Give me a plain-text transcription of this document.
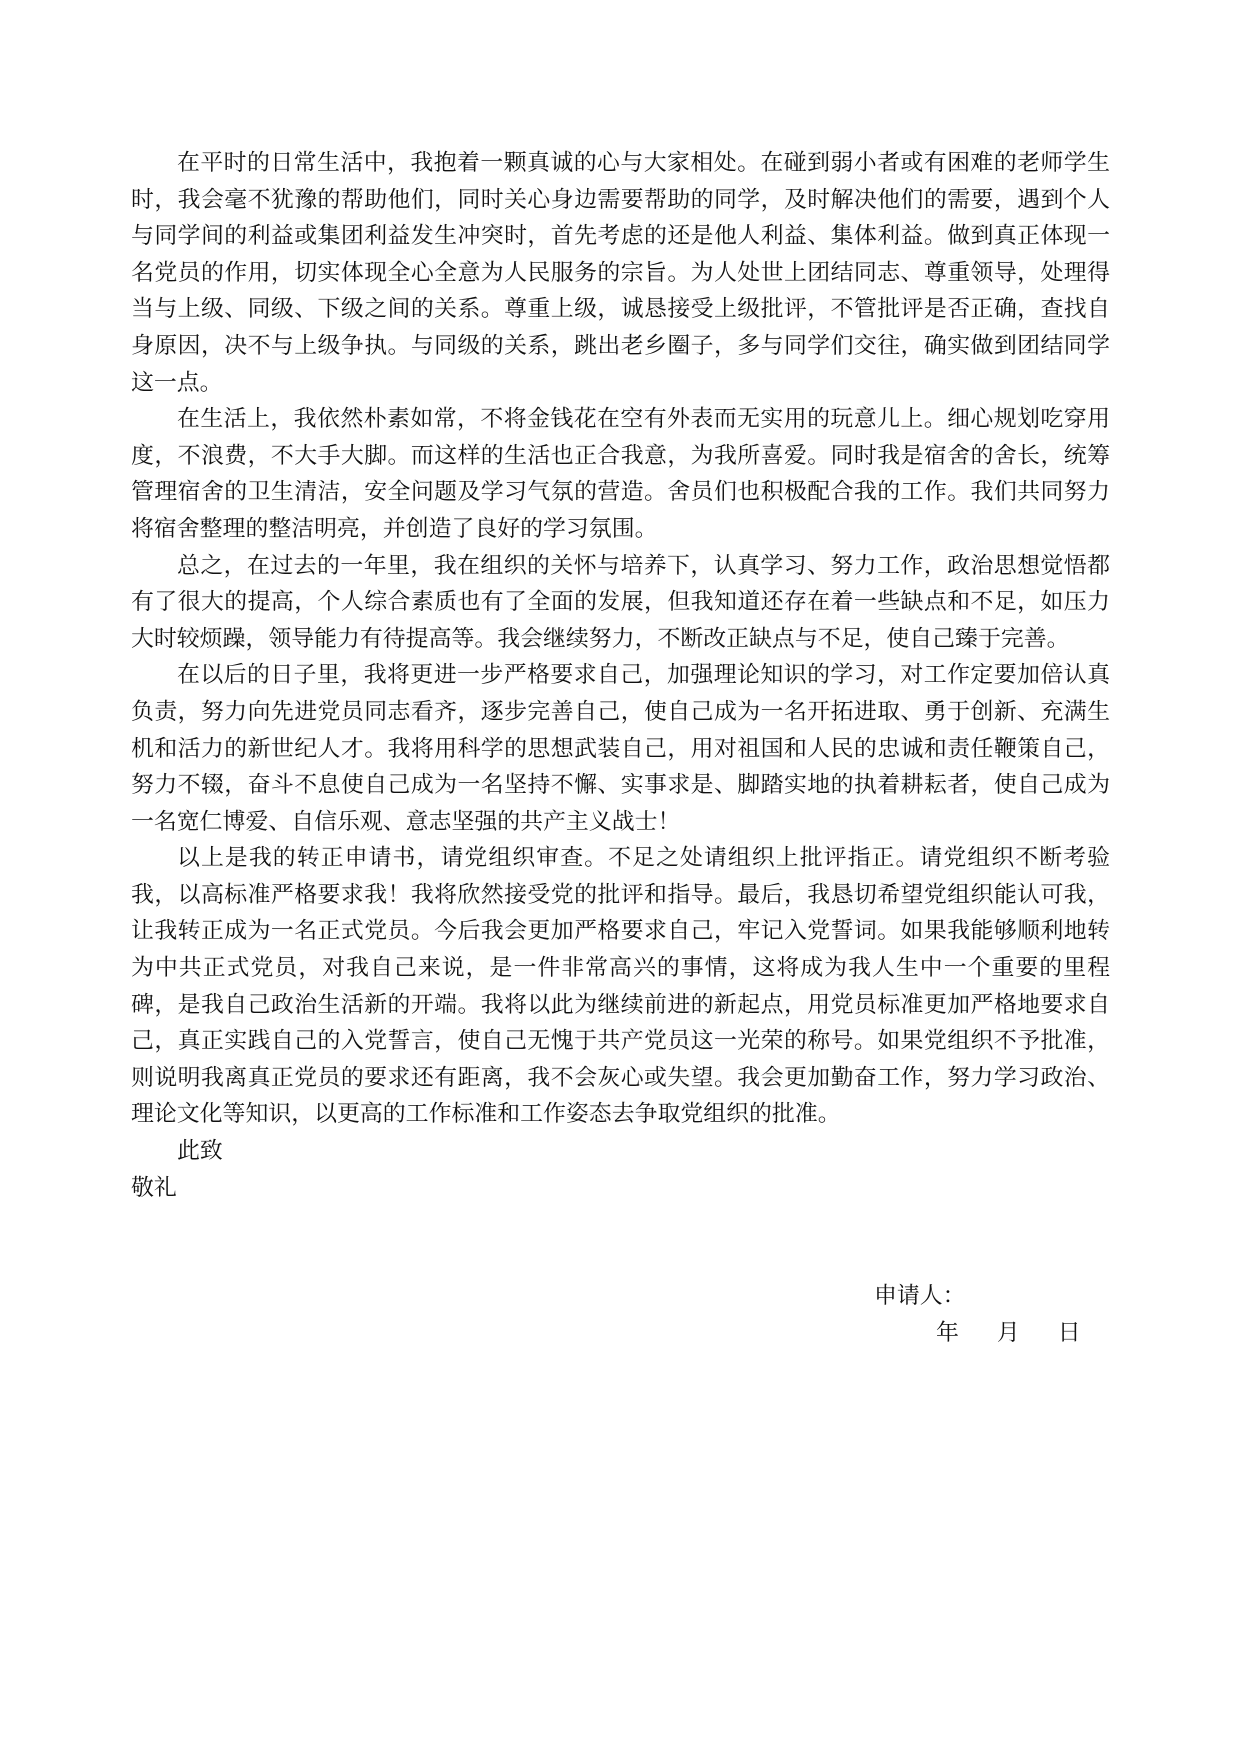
在平时的日常生活中，我抱着一颗真诚的心与大家相处。在碰到弱小者或有困难的老师学生时，我会毫不犹豫的帮助他们，同时关心身边需要帮助的同学，及时解决他们的需要，遇到个人与同学间的利益或集团利益发生冲突时，首先考虑的还是他人利益、集体利益。做到真正体现一名党员的作用，切实体现全心全意为人民服务的宗旨。为人处世上团结同志、尊重领导，处理得当与上级、同级、下级之间的关系。尊重上级，诚恳接受上级批评，不管批评是否正确，查找自身原因，决不与上级争执。与同级的关系，跳出老乡圈子，多与同学们交往，确实做到团结同学这一点。

在生活上，我依然朴素如常，不将金钱花在空有外表而无实用的玩意儿上。细心规划吃穿用度，不浪费，不大手大脚。而这样的生活也正合我意，为我所喜爱。同时我是宿舍的舍长，统筹管理宿舍的卫生清洁，安全问题及学习气氛的营造。舍员们也积极配合我的工作。我们共同努力将宿舍整理的整洁明亮，并创造了良好的学习氛围。

总之，在过去的一年里，我在组织的关怀与培养下，认真学习、努力工作，政治思想觉悟都有了很大的提高，个人综合素质也有了全面的发展，但我知道还存在着一些缺点和不足，如压力大时较烦躁，领导能力有待提高等。我会继续努力，不断改正缺点与不足，使自己臻于完善。

在以后的日子里，我将更进一步严格要求自己，加强理论知识的学习，对工作定要加倍认真负责，努力向先进党员同志看齐，逐步完善自己，使自己成为一名开拓进取、勇于创新、充满生机和活力的新世纪人才。我将用科学的思想武装自己，用对祖国和人民的忠诚和责任鞭策自己，努力不辍，奋斗不息使自己成为一名坚持不懈、实事求是、脚踏实地的执着耕耘者，使自己成为一名宽仁博爱、自信乐观、意志坚强的共产主义战士！

以上是我的转正申请书，请党组织审查。不足之处请组织上批评指正。请党组织不断考验我，以高标准严格要求我！我将欣然接受党的批评和指导。最后，我恳切希望党组织能认可我，让我转正成为一名正式党员。今后我会更加严格要求自己，牢记入党誓词。如果我能够顺利地转为中共正式党员，对我自己来说，是一件非常高兴的事情，这将成为我人生中一个重要的里程碑，是我自己政治生活新的开端。我将以此为继续前进的新起点，用党员标准更加严格地要求自己，真正实践自己的入党誓言，使自己无愧于共产党员这一光荣的称号。如果党组织不予批准，则说明我离真正党员的要求还有距离，我不会灰心或失望。我会更加勤奋工作，努力学习政治、理论文化等知识，以更高的工作标准和工作姿态去争取党组织的批准。

此致
敬礼
申请人：
年 月 日
